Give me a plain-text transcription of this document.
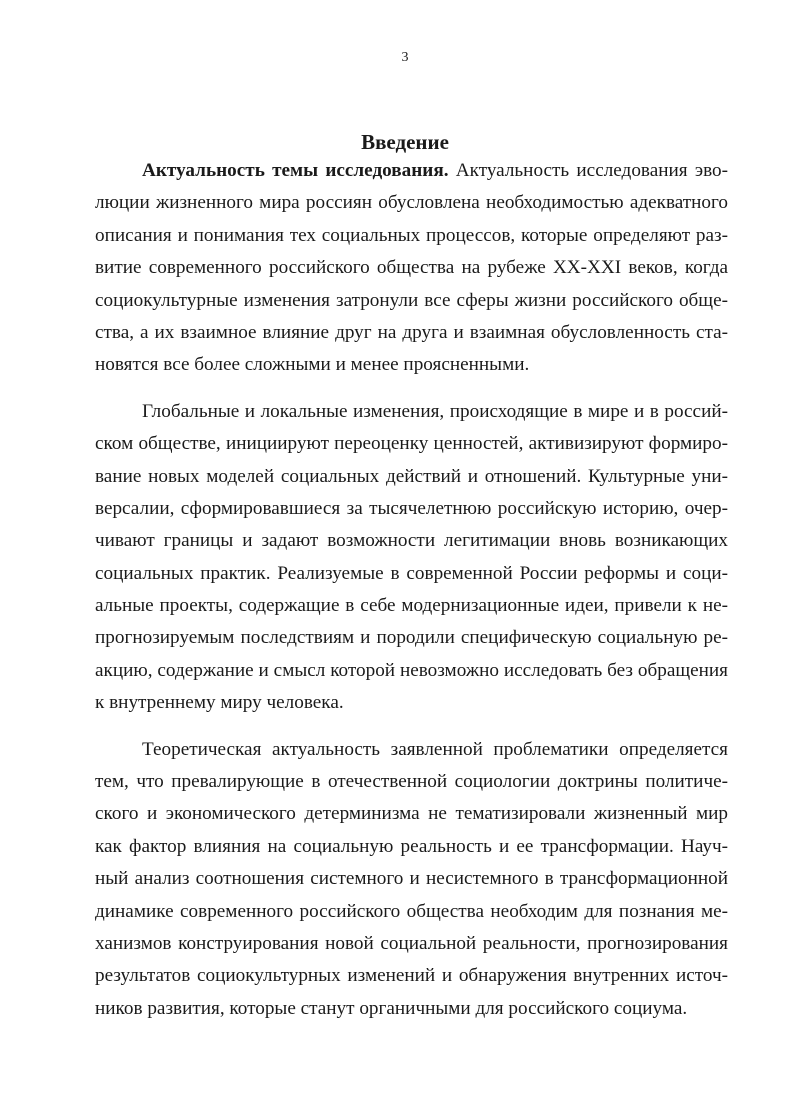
3
Введение
Актуальность темы исследования. Актуальность исследования эво-
люции жизненного мира россиян обусловлена необходимостью адекватного
описания и понимания тех социальных процессов, которые определяют раз-
витие современного российского общества на рубеже XX-XXI веков, когда
социокультурные изменения затронули все сферы жизни российского обще-
ства, а их взаимное влияние друг на друга и взаимная обусловленность ста-
новятся все более сложными и менее проясненными.
Глобальные и локальные изменения, происходящие в мире и в россий-
ском обществе, инициируют переоценку ценностей, активизируют формиро-
вание новых моделей социальных действий и отношений. Культурные уни-
версалии, сформировавшиеся за тысячелетнюю российскую историю, очер-
чивают границы и задают возможности легитимации вновь возникающих
социальных практик. Реализуемые в современной России реформы и соци-
альные проекты, содержащие в себе модернизационные идеи, привели к не-
прогнозируемым последствиям и породили специфическую социальную ре-
акцию, содержание и смысл которой невозможно исследовать без обращения
к внутреннему миру человека.
Теоретическая актуальность заявленной проблематики определяется
тем, что превалирующие в отечественной социологии доктрины политиче-
ского и экономического детерминизма не тематизировали жизненный мир
как фактор влияния на социальную реальность и ее трансформации. Науч-
ный анализ соотношения системного и несистемного в трансформационной
динамике современного российского общества необходим для познания ме-
ханизмов конструирования новой социальной реальности, прогнозирования
результатов социокультурных изменений и обнаружения внутренних источ-
ников развития, которые станут органичными для российского социума.
